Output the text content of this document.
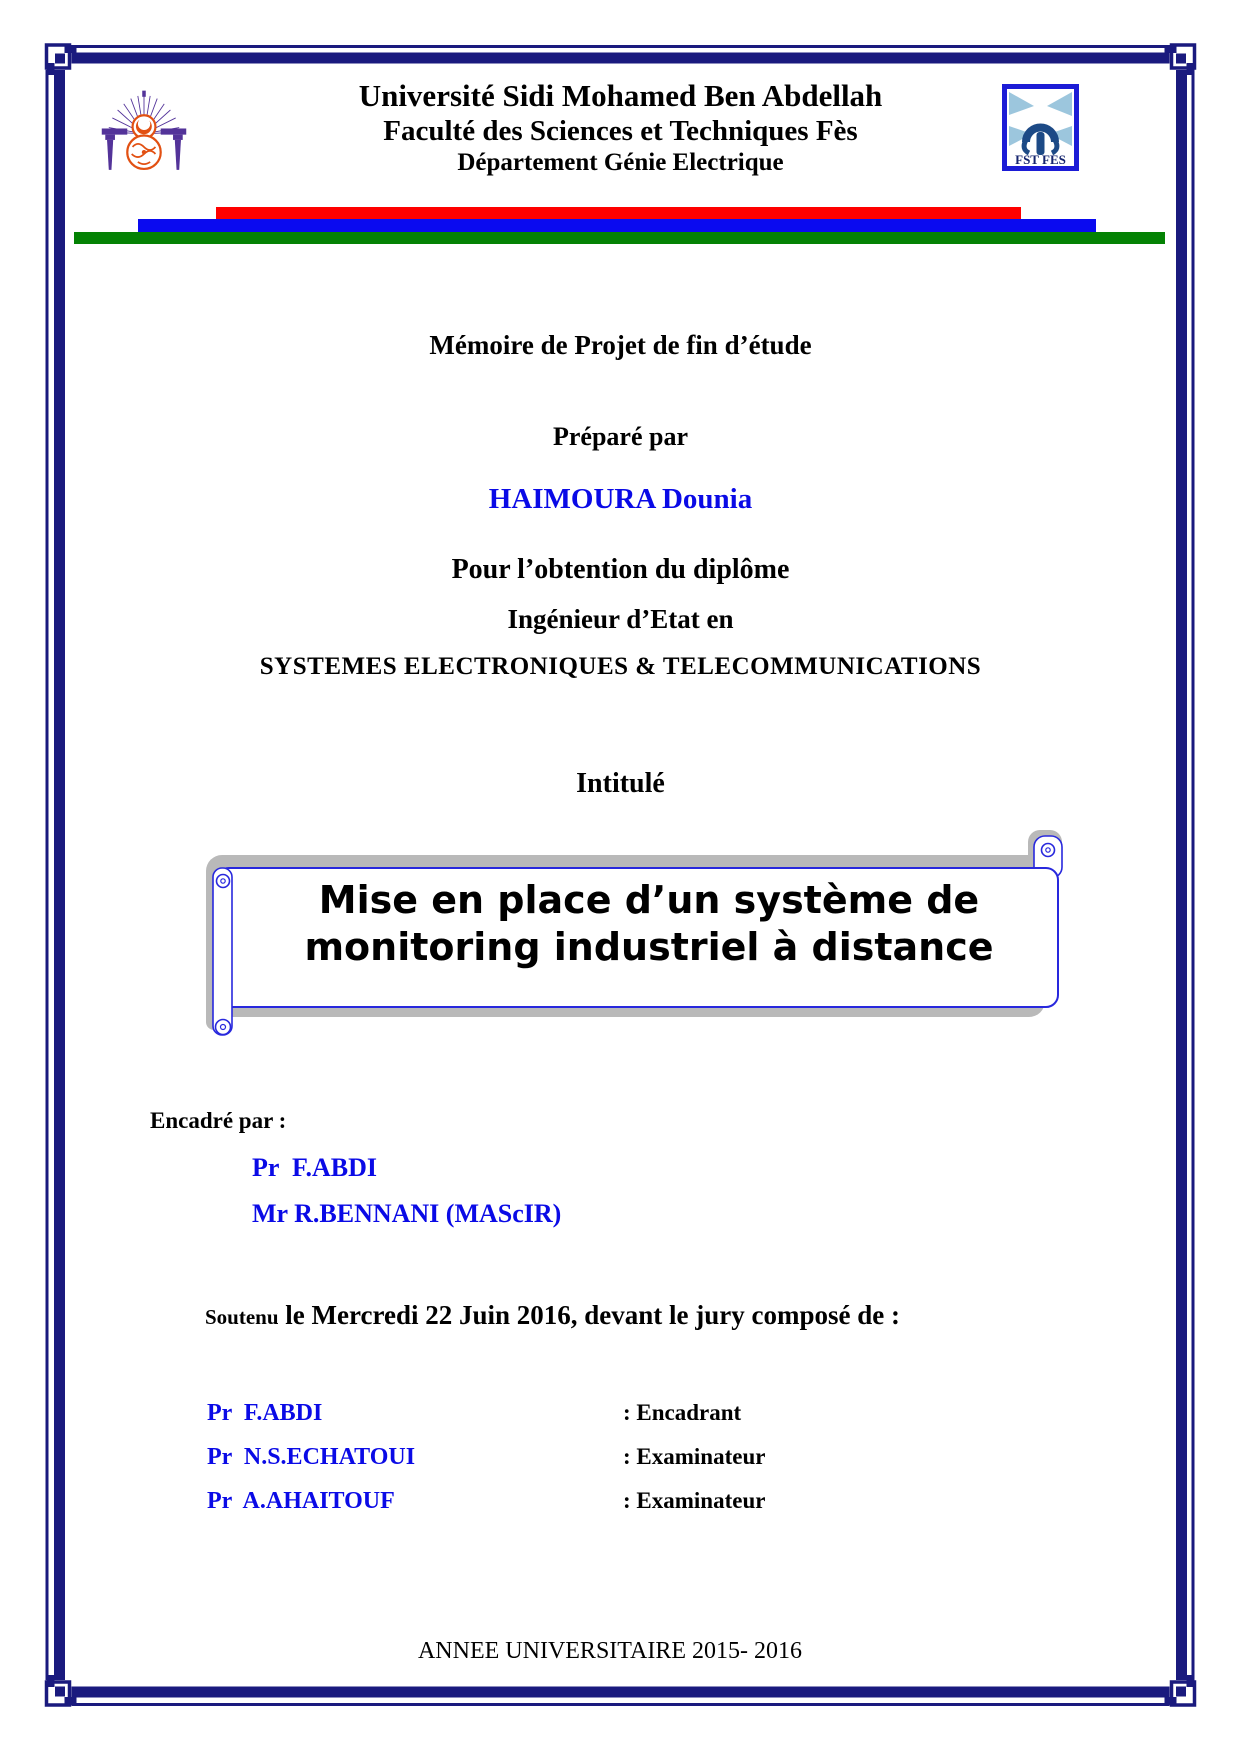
FST FES
Université Sidi Mohamed Ben Abdellah
Faculté des Sciences et Techniques Fès
Département Génie Electrique
Mémoire de Projet de fin d’étude
Préparé par
HAIMOURA Dounia
Pour l’obtention du diplôme
Ingénieur d’Etat en
SYSTEMES ELECTRONIQUES & TELECOMMUNICATIONS
Intitulé
Mise en place d’un système de
monitoring industriel à distance
Encadré par :
Pr  F.ABDI
Mr R.BENNANI (MAScIR)
Soutenu le Mercredi 22 Juin 2016, devant le jury composé de :
Pr  F.ABDI	: Encadrant
Pr  N.S.ECHATOUI	: Examinateur
Pr  A.AHAITOUF	: Examinateur
ANNEE UNIVERSITAIRE 2015- 2016
